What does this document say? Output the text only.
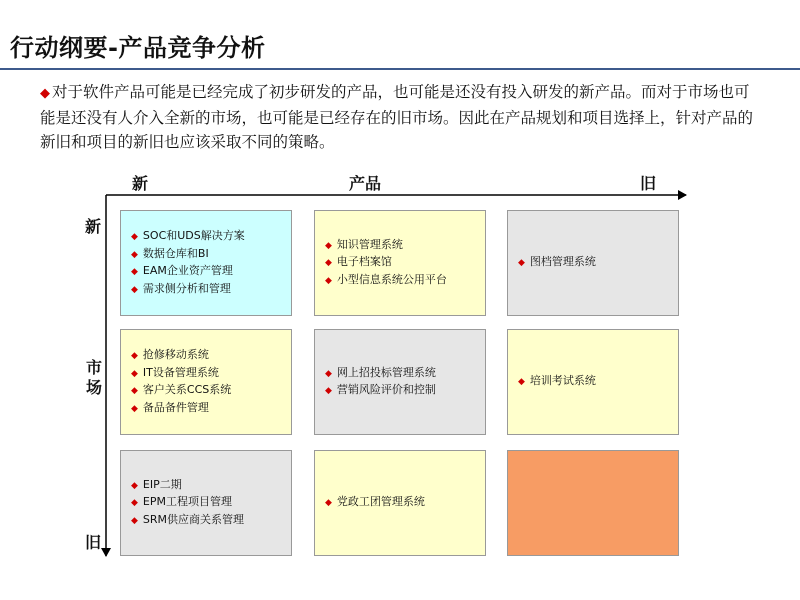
行动纲要-产品竞争分析
◆ 对于软件产品可能是已经完成了初步研发的产品，也可能是还没有投入研发的新产品。而对于市场也可能是还没有人介入全新的市场，也可能是已经存在的旧市场。因此在产品规划和项目选择上，针对产品的新旧和项目的新旧也应该采取不同的策略。
新	产品	旧
新
市场
旧
◆ SOC和UDS解决方案
◆ 数据仓库和BI
◆ EAM企业资产管理
◆ 需求侧分析和管理
◆ 知识管理系统
◆ 电子档案馆
◆ 小型信息系统公用平台
◆ 图档管理系统
◆ 抢修移动系统
◆ IT设备管理系统
◆ 客户关系CCS系统
◆ 备品备件管理
◆ 网上招投标管理系统
◆ 营销风险评价和控制
◆ 培训考试系统
◆ EIP二期
◆ EPM工程项目管理
◆ SRM供应商关系管理
◆ 党政工团管理系统
